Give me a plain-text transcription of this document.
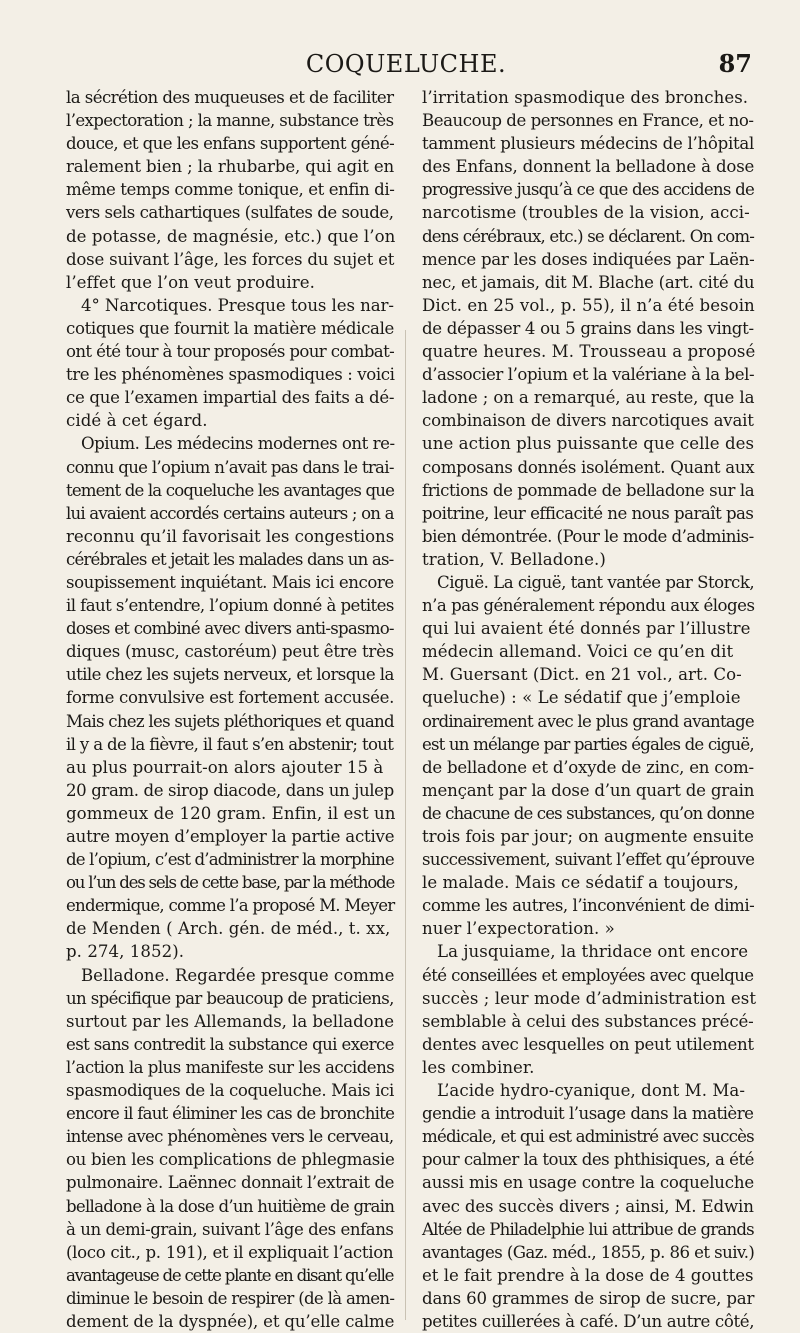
COQUELUCHE.	87

la sécrétion des muqueuses et de faciliter

l’expectoration ; la manne, substance très

douce, et que les enfans supportent géné-

ralement bien ; la rhubarbe, qui agit en

même temps comme tonique, et enfin di-

vers sels cathartiques (sulfates de soude,

de potasse, de magnésie, etc.) que l’on

dose suivant l’âge, les forces du sujet et

l’effet que l’on veut produire.

4° Narcotiques. Presque tous les nar-

cotiques que fournit la matière médicale

ont été tour à tour proposés pour combat-

tre les phénomènes spasmodiques : voici

ce que l’examen impartial des faits a dé-

cidé à cet égard.

Opium. Les médecins modernes ont re-

connu que l’opium n’avait pas dans le trai-

tement de la coqueluche les avantages que

lui avaient accordés certains auteurs ; on a

reconnu qu’il favorisait les congestions

cérébrales et jetait les malades dans un as-

soupissement inquiétant. Mais ici encore

il faut s’entendre, l’opium donné à petites

doses et combiné avec divers anti-spasmo-

diques (musc, castoréum) peut être très

utile chez les sujets nerveux, et lorsque la

forme convulsive est fortement accusée.

Mais chez les sujets pléthoriques et quand

il y a de la fièvre, il faut s’en abstenir; tout

au plus pourrait-on alors ajouter 15 à

20 gram. de sirop diacode, dans un julep

gommeux de 120 gram. Enfin, il est un

autre moyen d’employer la partie active

de l’opium, c’est d’administrer la morphine

ou l’un des sels de cette base, par la méthode

endermique, comme l’a proposé M. Meyer

de Menden ( Arch. gén. de méd., t. xx,

p. 274, 1852).

Belladone. Regardée presque comme

un spécifique par beaucoup de praticiens,

surtout par les Allemands, la belladone

est sans contredit la substance qui exerce

l’action la plus manifeste sur les accidens

spasmodiques de la coqueluche. Mais ici

encore il faut éliminer les cas de bronchite

intense avec phénomènes vers le cerveau,

ou bien les complications de phlegmasie

pulmonaire. Laënnec donnait l’extrait de

belladone à la dose d’un huitième de grain

à un demi-grain, suivant l’âge des enfans

(loco cit., p. 191), et il expliquait l’action

avantageuse de cette plante en disant qu’elle

diminue le besoin de respirer (de là amen-

dement de la dyspnée), et qu’elle calme

l’irritation spasmodique des bronches.

Beaucoup de personnes en France, et no-

tamment plusieurs médecins de l’hôpital

des Enfans, donnent la belladone à dose

progressive jusqu’à ce que des accidens de

narcotisme (troubles de la vision, acci-

dens cérébraux, etc.) se déclarent. On com-

mence par les doses indiquées par Laën-

nec, et jamais, dit M. Blache (art. cité du

Dict. en 25 vol., p. 55), il n’a été besoin

de dépasser 4 ou 5 grains dans les vingt-

quatre heures. M. Trousseau a proposé

d’associer l’opium et la valériane à la bel-

ladone ; on a remarqué, au reste, que la

combinaison de divers narcotiques avait

une action plus puissante que celle des

composans donnés isolément. Quant aux

frictions de pommade de belladone sur la

poitrine, leur efficacité ne nous paraît pas

bien démontrée. (Pour le mode d’adminis-

tration, V. Belladone.)

Ciguë. La ciguë, tant vantée par Storck,

n’a pas généralement répondu aux éloges

qui lui avaient été donnés par l’illustre

médecin allemand. Voici ce qu’en dit

M. Guersant (Dict. en 21 vol., art. Co-

queluche) : « Le sédatif que j’emploie

ordinairement avec le plus grand avantage

est un mélange par parties égales de ciguë,

de belladone et d’oxyde de zinc, en com-

mençant par la dose d’un quart de grain

de chacune de ces substances, qu’on donne

trois fois par jour; on augmente ensuite

successivement, suivant l’effet qu’éprouve

le malade. Mais ce sédatif a toujours,

comme les autres, l’inconvénient de dimi-

nuer l’expectoration. »

La jusquiame, la thridace ont encore

été conseillées et employées avec quelque

succès ; leur mode d’administration est

semblable à celui des substances précé-

dentes avec lesquelles on peut utilement

les combiner.

L’acide hydro-cyanique, dont M. Ma-

gendie a introduit l’usage dans la matière

médicale, et qui est administré avec succès

pour calmer la toux des phthisiques, a été

aussi mis en usage contre la coqueluche

avec des succès divers ; ainsi, M. Edwin

Altée de Philadelphie lui attribue de grands

avantages (Gaz. méd., 1855, p. 86 et suiv.)

et le fait prendre à la dose de 4 gouttes

dans 60 grammes de sirop de sucre, par

petites cuillerées à café. D’un autre côté,
